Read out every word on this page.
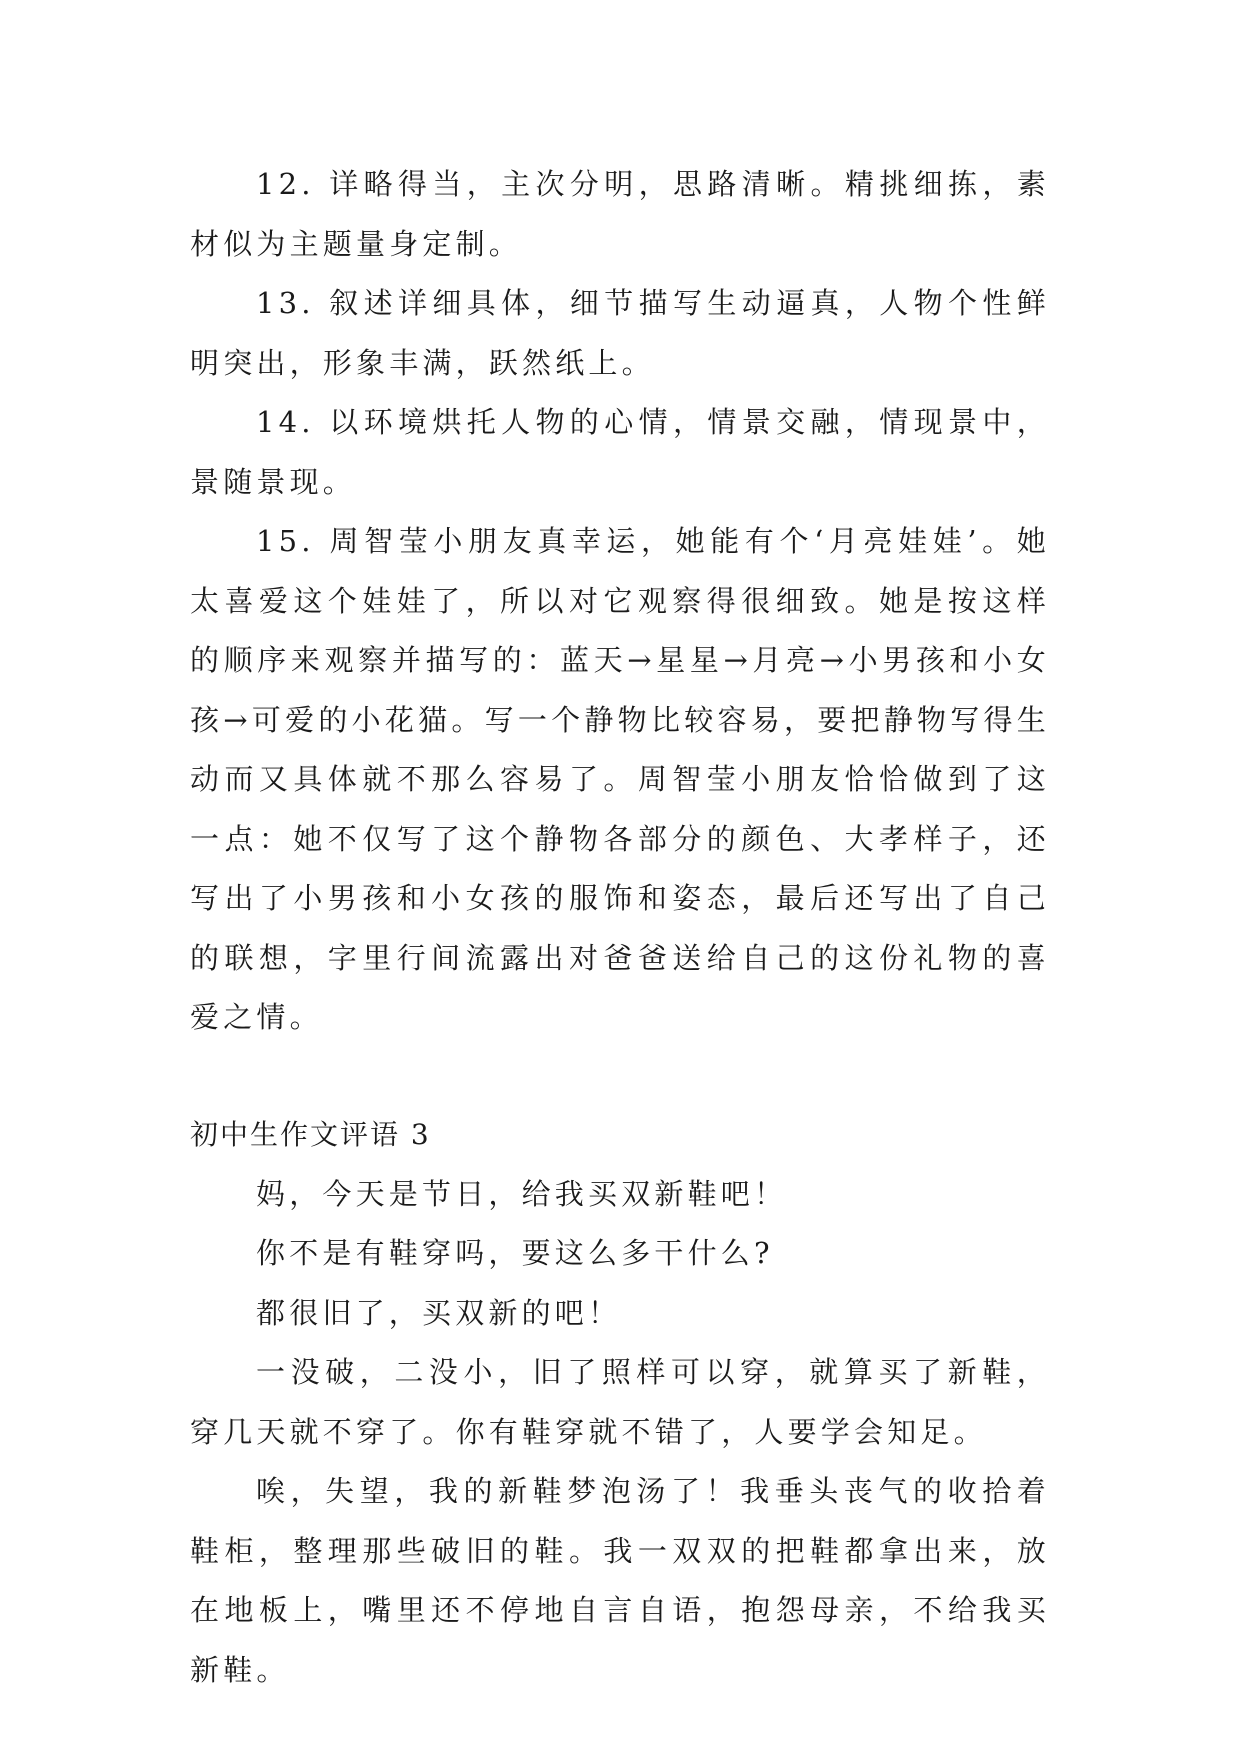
12. 详略得当，主次分明，思路清晰。精挑细拣，素材似为主题量身定制。

13. 叙述详细具体，细节描写生动逼真，人物个性鲜明突出，形象丰满，跃然纸上。

14. 以环境烘托人物的心情，情景交融，情现景中，景随景现。

15. 周智莹小朋友真幸运，她能有个‘月亮娃娃’。她太喜爱这个娃娃了，所以对它观察得很细致。她是按这样的顺序来观察并描写的：蓝天→星星→月亮→小男孩和小女孩→可爱的小花猫。写一个静物比较容易，要把静物写得生动而又具体就不那么容易了。周智莹小朋友恰恰做到了这一点：她不仅写了这个静物各部分的颜色、大孝样子，还写出了小男孩和小女孩的服饰和姿态，最后还写出了自己的联想，字里行间流露出对爸爸送给自己的这份礼物的喜爱之情。

初中生作文评语 3

妈，今天是节日，给我买双新鞋吧！

你不是有鞋穿吗，要这么多干什么?

都很旧了，买双新的吧！

一没破，二没小，旧了照样可以穿，就算买了新鞋，穿几天就不穿了。你有鞋穿就不错了，人要学会知足。

唉，失望，我的新鞋梦泡汤了！我垂头丧气的收拾着鞋柜，整理那些破旧的鞋。我一双双的把鞋都拿出来，放在地板上，嘴里还不停地自言自语，抱怨母亲，不给我买新鞋。
